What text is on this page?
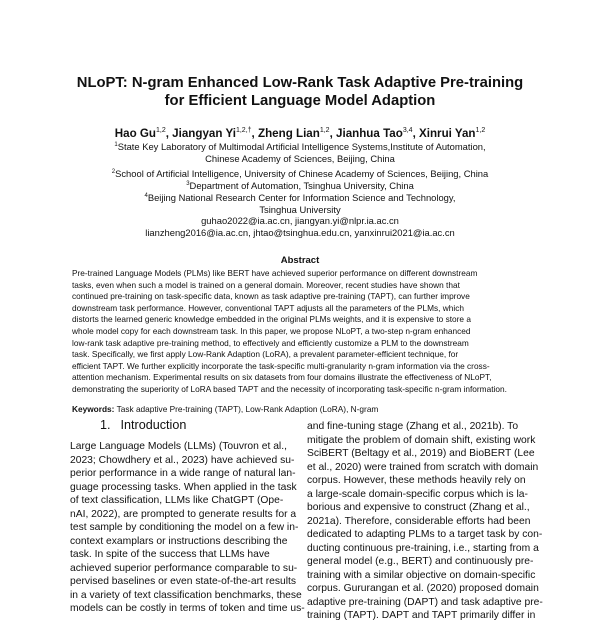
NLoPT: N-gram Enhanced Low-Rank Task Adaptive Pre-training
for Efficient Language Model Adaption
Hao Gu$^{1,2}$, Jiangyan $Yi^{1,2,\dagger}$, Zheng Lian$^{1,2}$, Jianhua Tao$^{3,4}$, Xinrui Yan$^{1,2}$
$^1$State Key Laboratory of Multimodal Artificial Intelligence Systems,Institute of Automation,
Chinese Academy of Sciences, Beijing, China
$^2$School of Artificial Intelligence, University of Chinese Academy of Sciences, Beijing, China
$^3$Department of Automation, Tsinghua University, China
$^4$Beijing National Research Center for Information Science and Technology,
Tsinghua University
guhao2022@ia.ac.cn, jiangyan.yi@nlpr.ia.ac.cn
lianzheng2016@ia.ac.cn, jhtao@tsinghua.edu.cn, yanxinrui2021@ia.ac.cn
Abstract
Pre-trained Language Models (PLMs) like BERT have achieved superior performance on different downstream
tasks, even when such a model is trained on a general domain. Moreover, recent studies have shown that
continued pre-training on task-specific data, known as task adaptive pre-training (TAPT), can further improve
downstream task performance. However, conventional TAPT adjusts all the parameters of the PLMs, which
distorts the learned generic knowledge embedded in the original PLMs weights, and it is expensive to store a
whole model copy for each downstream task. In this paper, we propose NLoPT, a two-step n-gram enhanced
low-rank task adaptive pre-training method, to effectively and efficiently customize a PLM to the downstream
task. Specifically, we first apply Low-Rank Adaption (LoRA), a prevalent parameter-efficient technique, for
efficient TAPT. We further explicitly incorporate the task-specific multi-granularity n-gram information via the cross-
attention mechanism. Experimental results on six datasets from four domains illustrate the effectiveness of NLoPT,
demonstrating the superiority of LoRA based TAPT and the necessity of incorporating task-specific n-gram information.
Keywords: Task adaptive Pre-training (TAPT), Low-Rank Adaption (LoRA), N-gram
1. Introduction
Large Language Models (LLMs) (Touvron et al.,
2023; Chowdhery et al., 2023) have achieved su-
perior performance in a wide range of natural lan-
guage processing tasks. When applied in the task
of text classification, LLMs like ChatGPT (Ope-
nAI, 2022), are prompted to generate results for a
test sample by conditioning the model on a few in-
context examplars or instructions describing the
task. In spite of the success that LLMs have
achieved superior performance comparable to su-
pervised baselines or even state-of-the-art results
in a variety of text classification benchmarks, these
models can be costly in terms of token and time us-
and fine-tuning stage (Zhang et al., 2021b). To
mitigate the problem of domain shift, existing work
SciBERT (Beltagy et al., 2019) and BioBERT (Lee
et al., 2020) were trained from scratch with domain
corpus. However, these methods heavily rely on
a large-scale domain-specific corpus which is la-
borious and expensive to construct (Zhang et al.,
2021a). Therefore, considerable efforts had been
dedicated to adapting PLMs to a target task by con-
ducting continuous pre-training, i.e., starting from a
general model (e.g., BERT) and continuously pre-
training with a similar objective on domain-specific
corpus. Gururangan et al. (2020) proposed domain
adaptive pre-training (DAPT) and task adaptive pre-
training (TAPT). DAPT and TAPT primarily differ in
